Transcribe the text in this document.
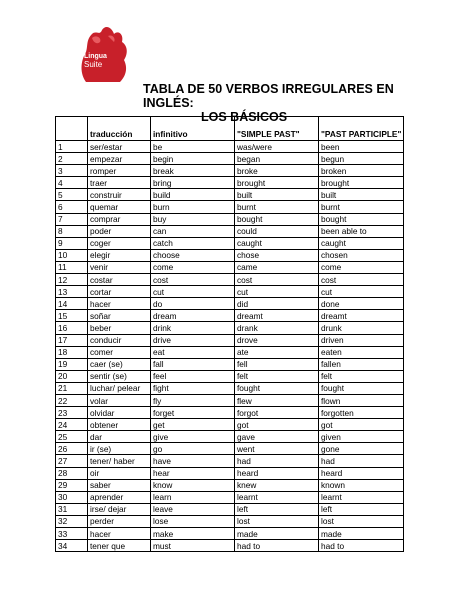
Lingua
Suite
TABLA DE 50 VERBOS IRREGULARES EN INGLÉS:
LOS BÁSICOS
	traducción	infinitivo	"SIMPLE PAST"	"PAST PARTICIPLE"
1	ser/estar	be	was/were	been
2	empezar	begin	began	begun
3	romper	break	broke	broken
4	traer	bring	brought	brought
5	construir	build	built	built
6	quemar	burn	burnt	burnt
7	comprar	buy	bought	bought
8	poder	can	could	been able to
9	coger	catch	caught	caught
10	elegir	choose	chose	chosen
11	venir	come	came	come
12	costar	cost	cost	cost
13	cortar	cut	cut	cut
14	hacer	do	did	done
15	soñar	dream	dreamt	dreamt
16	beber	drink	drank	drunk
17	conducir	drive	drove	driven
18	comer	eat	ate	eaten
19	caer (se)	fall	fell	fallen
20	sentir (se)	feel	felt	felt
21	luchar/ pelear	fight	fought	fought
22	volar	fly	flew	flown
23	olvidar	forget	forgot	forgotten
24	obtener	get	got	got
25	dar	give	gave	given
26	ir (se)	go	went	gone
27	tener/ haber	have	had	had
28	oir	hear	heard	heard
29	saber	know	knew	known
30	aprender	learn	learnt	learnt
31	irse/ dejar	leave	left	left
32	perder	lose	lost	lost
33	hacer	make	made	made
34	tener que	must	had to	had to
